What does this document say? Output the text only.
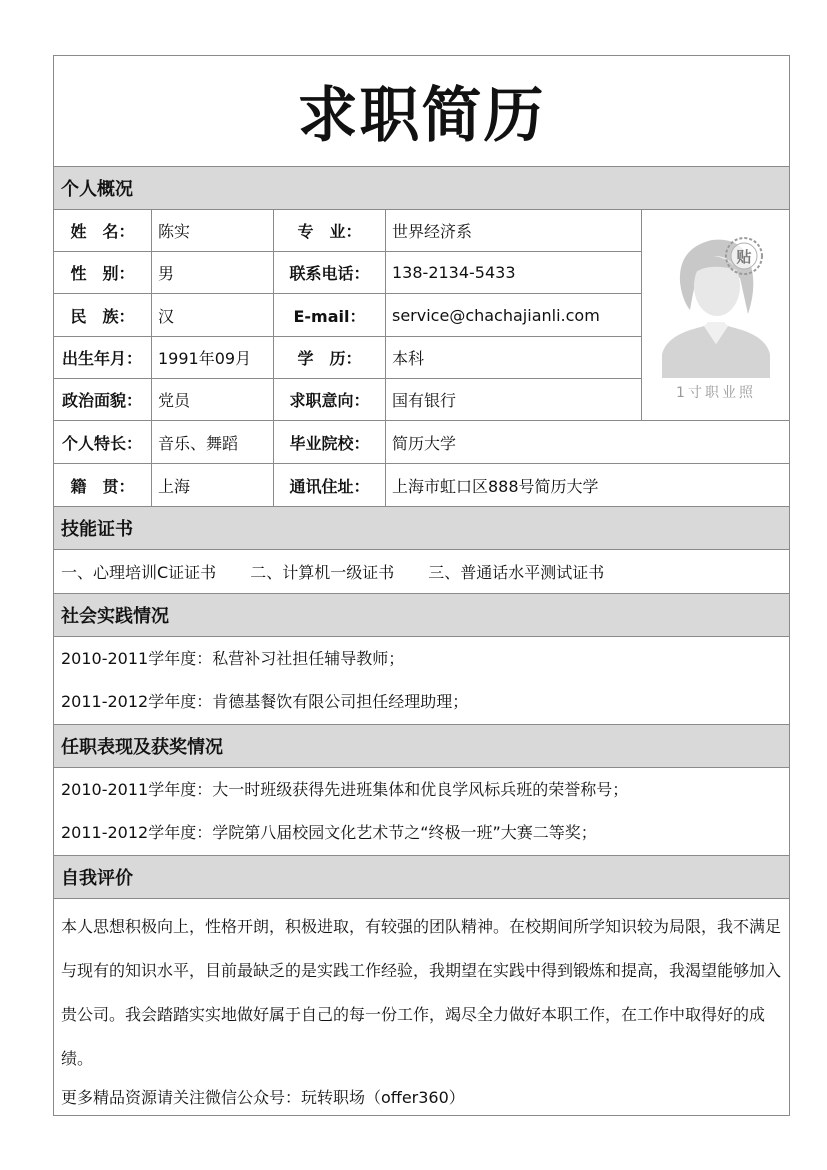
求职简历
个人概况
姓　名：	陈实	专　业：	世界经济系
性　别：	男	联系电话：	138-2134-5433
民　族：	汉	E-mail：	service@chachajianli.com
出生年月： 1991年09月	学　历：	本科
政治面貌： 党员	求职意向：	国有银行
个人特长： 音乐、舞蹈	毕业院校：	简历大学
籍　贯：	上海	通讯住址：	上海市虹口区888号简历大学
贴
1寸职业照
技能证书
一、心理培训C证证书 二、计算机一级证书 三、普通话水平测试证书
社会实践情况
2010-2011学年度：私营补习社担任辅导教师；
2011-2012学年度：肯德基餐饮有限公司担任经理助理；
任职表现及获奖情况
2010-2011学年度：大一时班级获得先进班集体和优良学风标兵班的荣誉称号；
2011-2012学年度：学院第八届校园文化艺术节之“终极一班”大赛二等奖；
自我评价
本人思想积极向上，性格开朗，积极进取，有较强的团队精神。在校期间所学知识较为局限，我不满足与现有的知识水平，目前最缺乏的是实践工作经验，我期望在实践中得到锻炼和提高，我渴望能够加入贵公司。我会踏踏实实地做好属于自己的每一份工作，竭尽全力做好本职工作，在工作中取得好的成绩。
更多精品资源请关注微信公众号：玩转职场（offer360）
